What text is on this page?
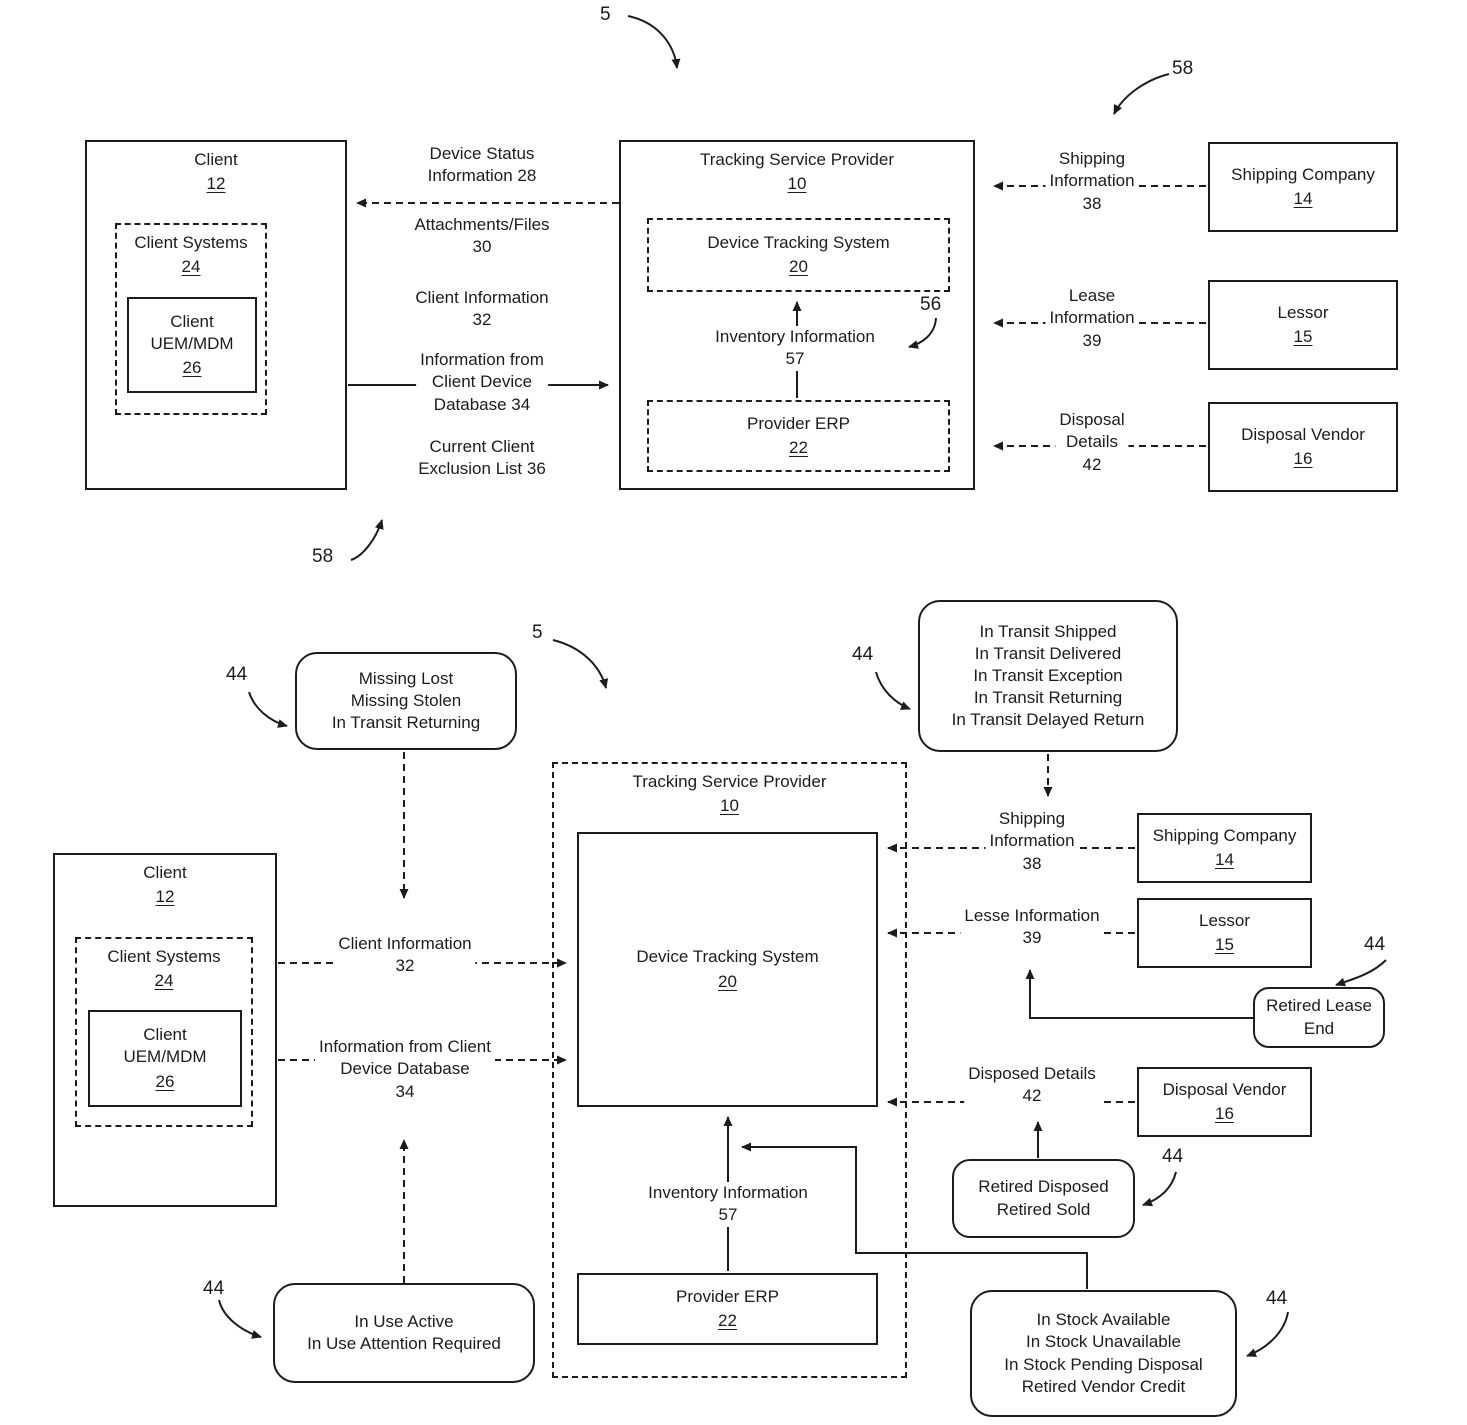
Client
12
Client Systems
24
Client
UEM/MDM
26
Tracking Service Provider
10
Device Tracking System
20
Provider ERP
22
Shipping Company
14
Lessor
15
Disposal Vendor
16
Client
12
Client Systems
24
Client
UEM/MDM
26
Tracking Service Provider
10
Device Tracking System
20
Provider ERP
22
Shipping Company
14
Lessor
15
Disposal Vendor
16
Missing Lost
Missing Stolen
In Transit Returning
In Transit Shipped
In Transit Delivered
In Transit Exception
In Transit Returning
In Transit Delayed Return
Retired Lease
End
Retired Disposed
Retired Sold
In Stock Available
In Stock Unavailable
In Stock Pending Disposal
Retired Vendor Credit
In Use Active
In Use Attention Required
Device Status
Information 28
Attachments/Files
30
Client Information
32
Information from
Client Device
Database 34
Current Client
Exclusion List 36
Shipping
Information
38
Lease
Information
39
Disposal
Details
42
Inventory Information
57
Client Information
32
Information from Client
Device Database
34
Shipping
Information
38
Lesse Information
39
Disposed Details
42
Inventory Information
57
5
58
56
58
5
44
44
44
44
44
44
